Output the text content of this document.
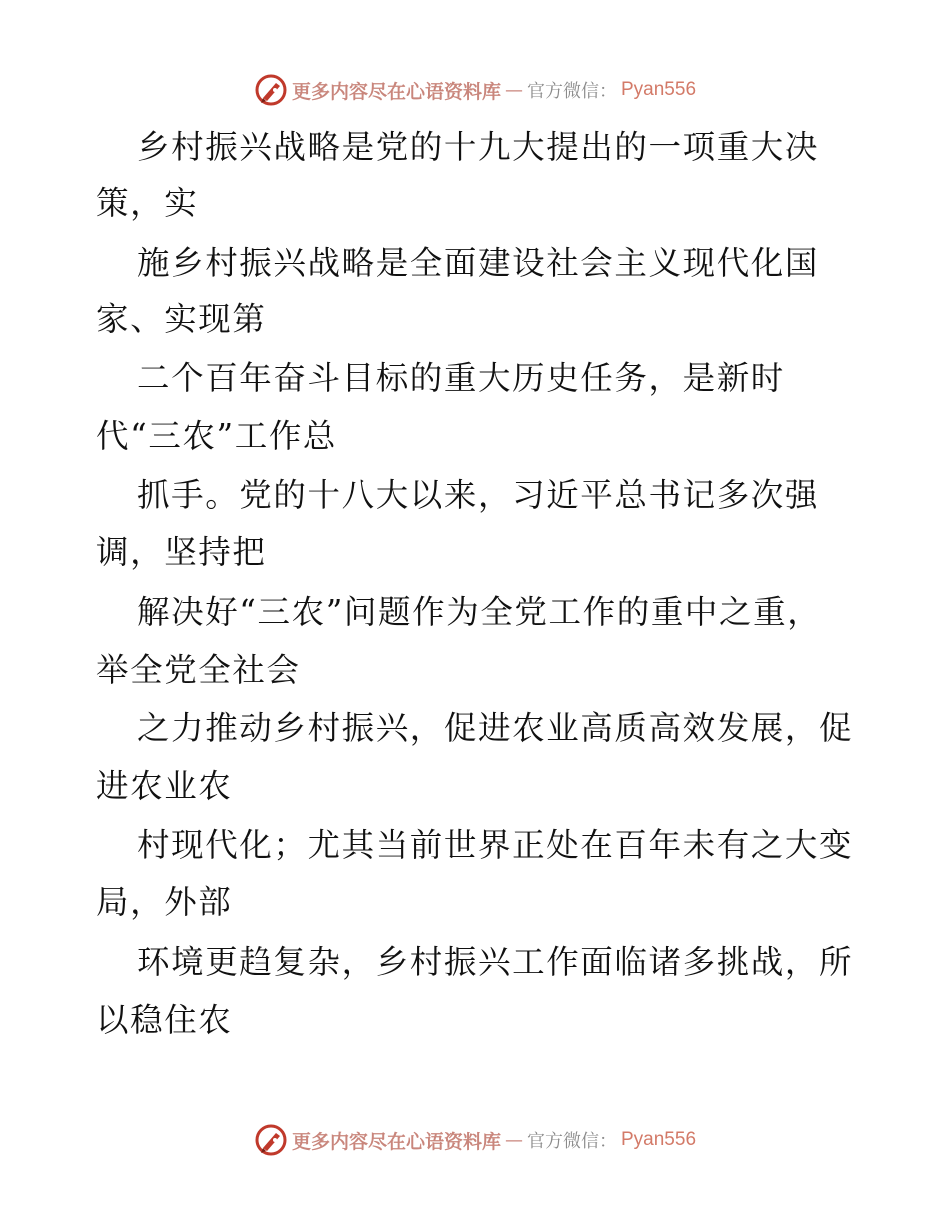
更多内容尽在心语资料库 — 官方微信： Pyan556
乡村振兴战略是党的十九大提出的一项重大决
策，实
施乡村振兴战略是全面建设社会主义现代化国
家、实现第
二个百年奋斗目标的重大历史任务，是新时
代“三农”工作总
抓手。党的十八大以来，习近平总书记多次强
调，坚持把
解决好“三农”问题作为全党工作的重中之重，
举全党全社会
之力推动乡村振兴，促进农业高质高效发展，促
进农业农
村现代化；尤其当前世界正处在百年未有之大变
局，外部
环境更趋复杂，乡村振兴工作面临诸多挑战，所
以稳住农
更多内容尽在心语资料库 — 官方微信： Pyan556
